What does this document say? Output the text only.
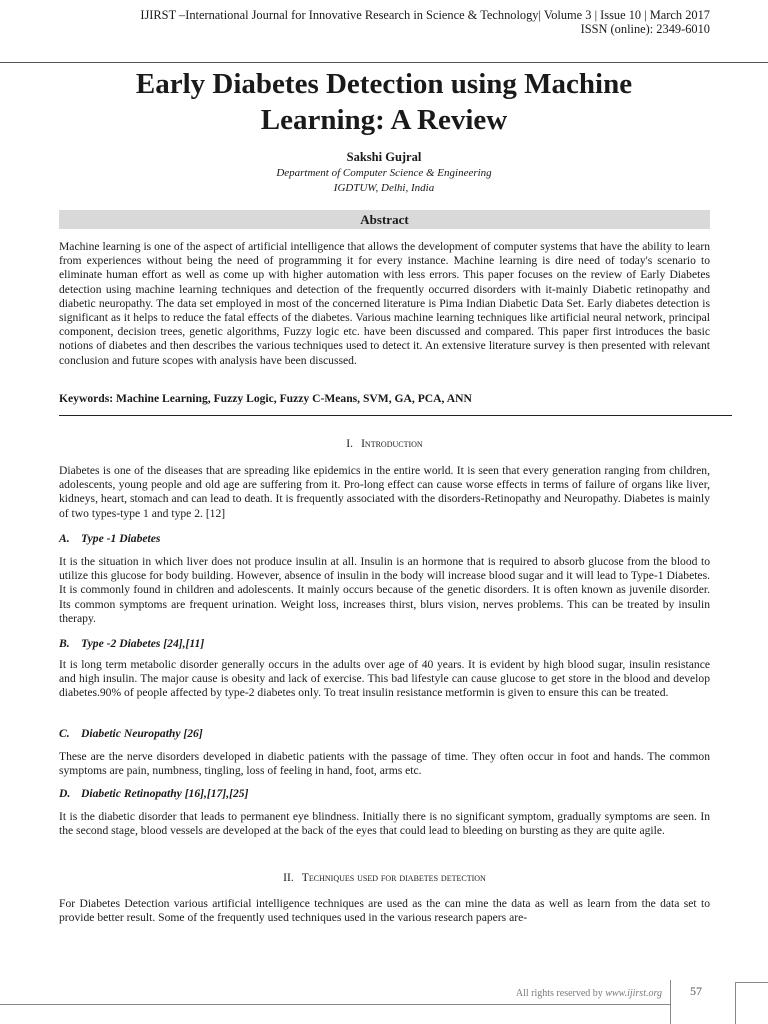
IJIRST –International Journal for Innovative Research in Science & Technology| Volume 3 | Issue 10 | March 2017
ISSN (online): 2349-6010
Early Diabetes Detection using Machine
Learning: A Review
Sakshi Gujral
Department of Computer Science & Engineering
IGDTUW, Delhi, India
Abstract
Machine learning is one of the aspect of artificial intelligence that allows the development of computer systems that have the ability to learn from experiences without being the need of programming it for every instance. Machine learning is dire need of today's scenario to eliminate human effort as well as come up with higher automation with less errors. This paper focuses on the review of Early Diabetes detection using machine learning techniques and detection of the frequently occurred disorders with it-mainly Diabetic retinopathy and diabetic neuropathy. The data set employed in most of the concerned literature is Pima Indian Diabetic Data Set. Early diabetes detection is significant as it helps to reduce the fatal effects of the diabetes. Various machine learning techniques like artificial neural network, principal component, decision trees, genetic algorithms, Fuzzy logic etc. have been discussed and compared. This paper first introduces the basic notions of diabetes and then describes the various techniques used to detect it. An extensive literature survey is then presented with relevant conclusion and future scopes with analysis have been discussed.
Keywords: Machine Learning, Fuzzy Logic, Fuzzy C-Means, SVM, GA, PCA, ANN
I. Introduction
Diabetes is one of the diseases that are spreading like epidemics in the entire world. It is seen that every generation ranging from children, adolescents, young people and old age are suffering from it. Pro-long effect can cause worse effects in terms of failure of organs like liver, kidneys, heart, stomach and can lead to death. It is frequently associated with the disorders-Retinopathy and Neuropathy. Diabetes is mainly of two types-type 1 and type 2. [12]
A. Type -1 Diabetes
It is the situation in which liver does not produce insulin at all. Insulin is an hormone that is required to absorb glucose from the blood to utilize this glucose for body building. However, absence of insulin in the body will increase blood sugar and it will lead to Type-1 Diabetes. It is commonly found in children and adolescents. It mainly occurs because of the genetic disorders. It is often known as juvenile disorder. Its common symptoms are frequent urination. Weight loss, increases thirst, blurs vision, nerves problems. This can be treated by insulin therapy.
B. Type -2 Diabetes [24],[11]
It is long term metabolic disorder generally occurs in the adults over age of 40 years. It is evident by high blood sugar, insulin resistance and high insulin. The major cause is obesity and lack of exercise. This bad lifestyle can cause glucose to get store in the blood and develop diabetes.90% of people affected by type-2 diabetes only. To treat insulin resistance metformin is given to ensure this can be treated.
C. Diabetic Neuropathy [26]
These are the nerve disorders developed in diabetic patients with the passage of time. They often occur in foot and hands. The common symptoms are pain, numbness, tingling, loss of feeling in hand, foot, arms etc.
D. Diabetic Retinopathy [16],[17],[25]
It is the diabetic disorder that leads to permanent eye blindness. Initially there is no significant symptom, gradually symptoms are seen. In the second stage, blood vessels are developed at the back of the eyes that could lead to bleeding on bursting as they are quite agile.
II. Techniques used for diabetes detection
For Diabetes Detection various artificial intelligence techniques are used as the can mine the data as well as learn from the data set to provide better result. Some of the frequently used techniques used in the various research papers are-
All rights reserved by www.ijirst.org 57
